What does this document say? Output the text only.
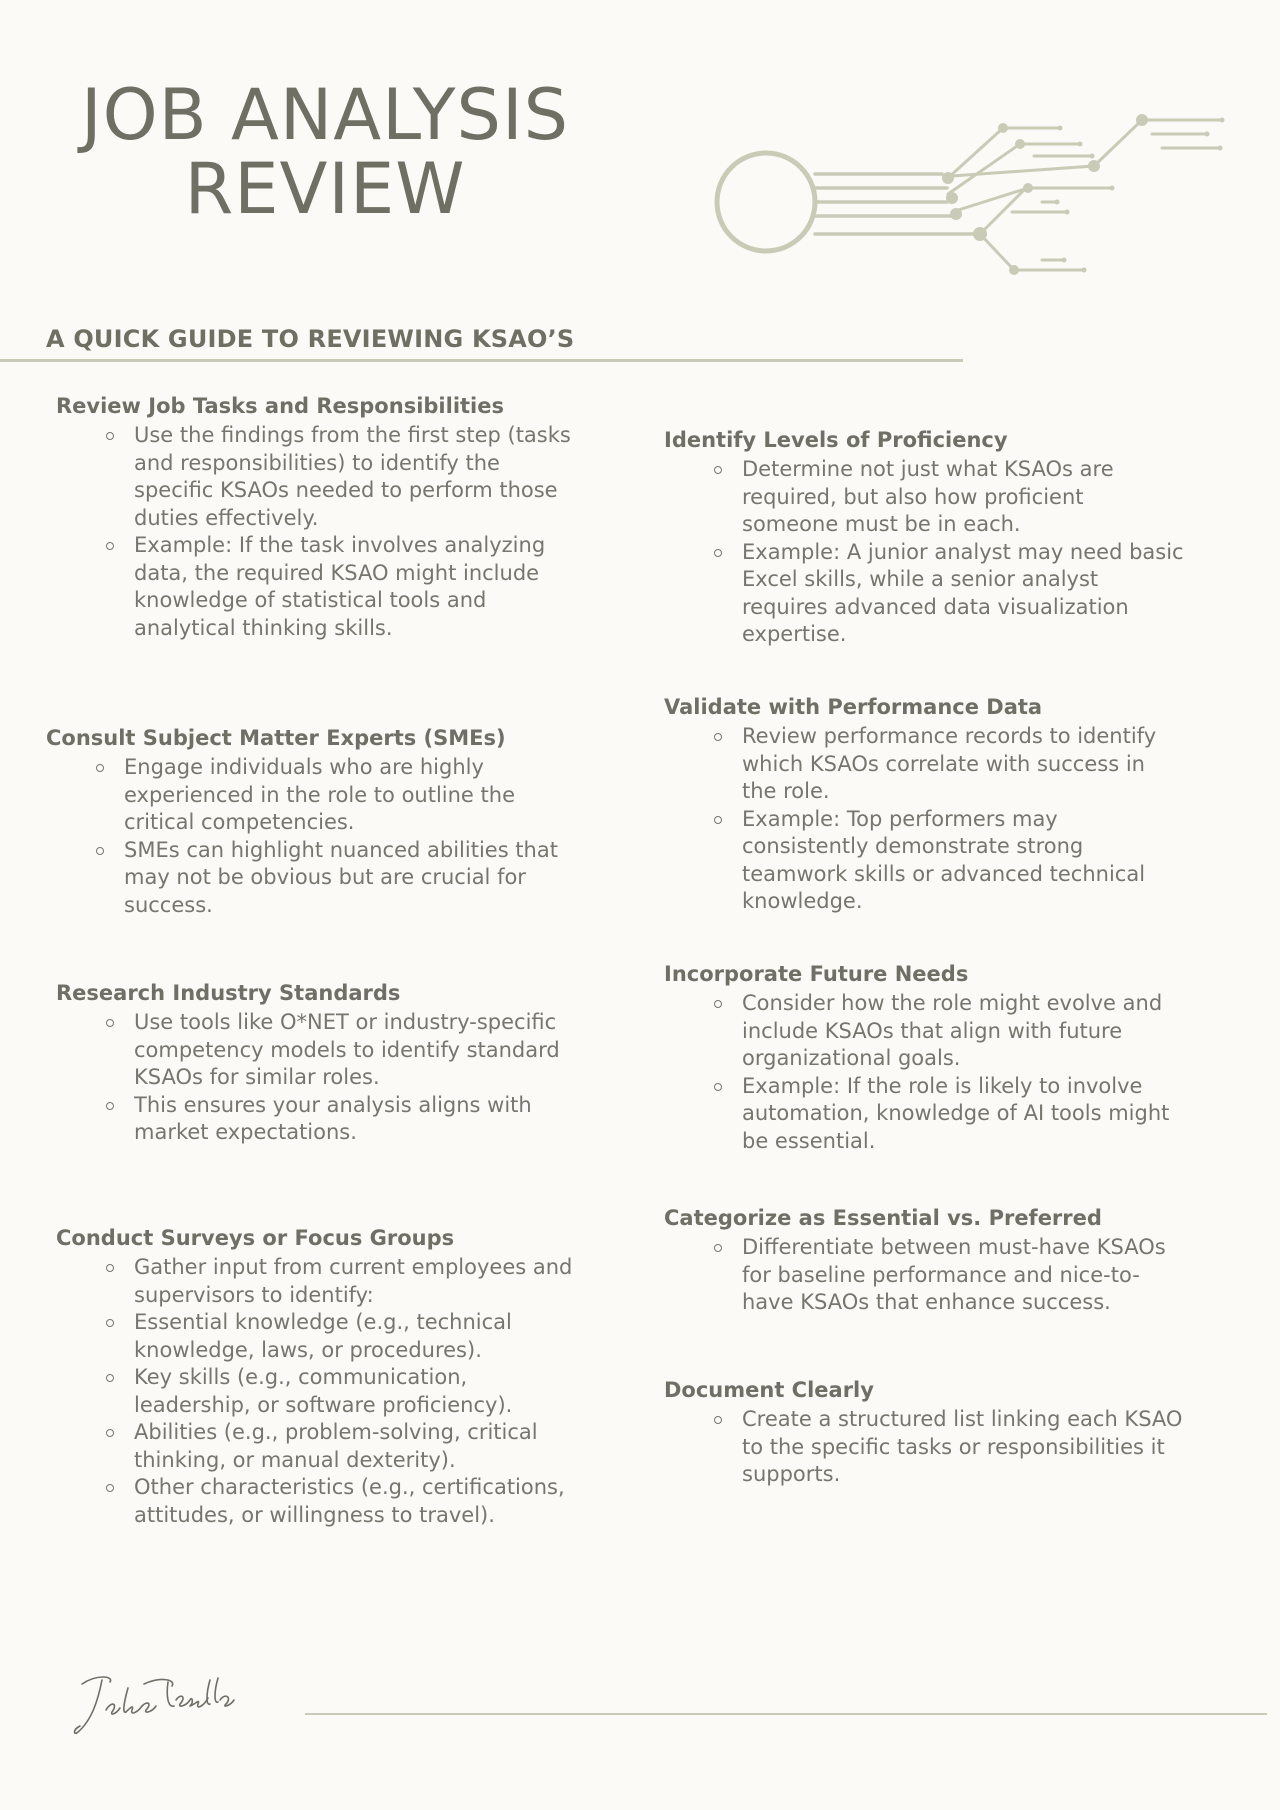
JOB ANALYSIS
REVIEW
A QUICK GUIDE TO REVIEWING KSAO’S
Review Job Tasks and Responsibilities
Use the findings from the first step (tasks and responsibilities) to identify the specific KSAOs needed to perform those duties effectively.
Example: If the task involves analyzing data, the required KSAO might include knowledge of statistical tools and analytical thinking skills.
Consult Subject Matter Experts (SMEs)
Engage individuals who are highly experienced in the role to outline the critical competencies.
SMEs can highlight nuanced abilities that may not be obvious but are crucial for success.
Research Industry Standards
Use tools like O*NET or industry-specific competency models to identify standard KSAOs for similar roles.
This ensures your analysis aligns with market expectations.
Conduct Surveys or Focus Groups
Gather input from current employees and supervisors to identify:
Essential knowledge (e.g., technical knowledge, laws, or procedures).
Key skills (e.g., communication, leadership, or software proficiency).
Abilities (e.g., problem-solving, critical thinking, or manual dexterity).
Other characteristics (e.g., certifications, attitudes, or willingness to travel).
Identify Levels of Proficiency
Determine not just what KSAOs are required, but also how proficient someone must be in each.
Example: A junior analyst may need basic Excel skills, while a senior analyst requires advanced data visualization expertise.
Validate with Performance Data
Review performance records to identify which KSAOs correlate with success in the role.
Example: Top performers may consistently demonstrate strong teamwork skills or advanced technical knowledge.
Incorporate Future Needs
Consider how the role might evolve and include KSAOs that align with future organizational goals.
Example: If the role is likely to involve automation, knowledge of AI tools might be essential.
Categorize as Essential vs. Preferred
Differentiate between must-have KSAOs for baseline performance and nice-to-have KSAOs that enhance success.
Document Clearly
Create a structured list linking each KSAO to the specific tasks or responsibilities it supports.
